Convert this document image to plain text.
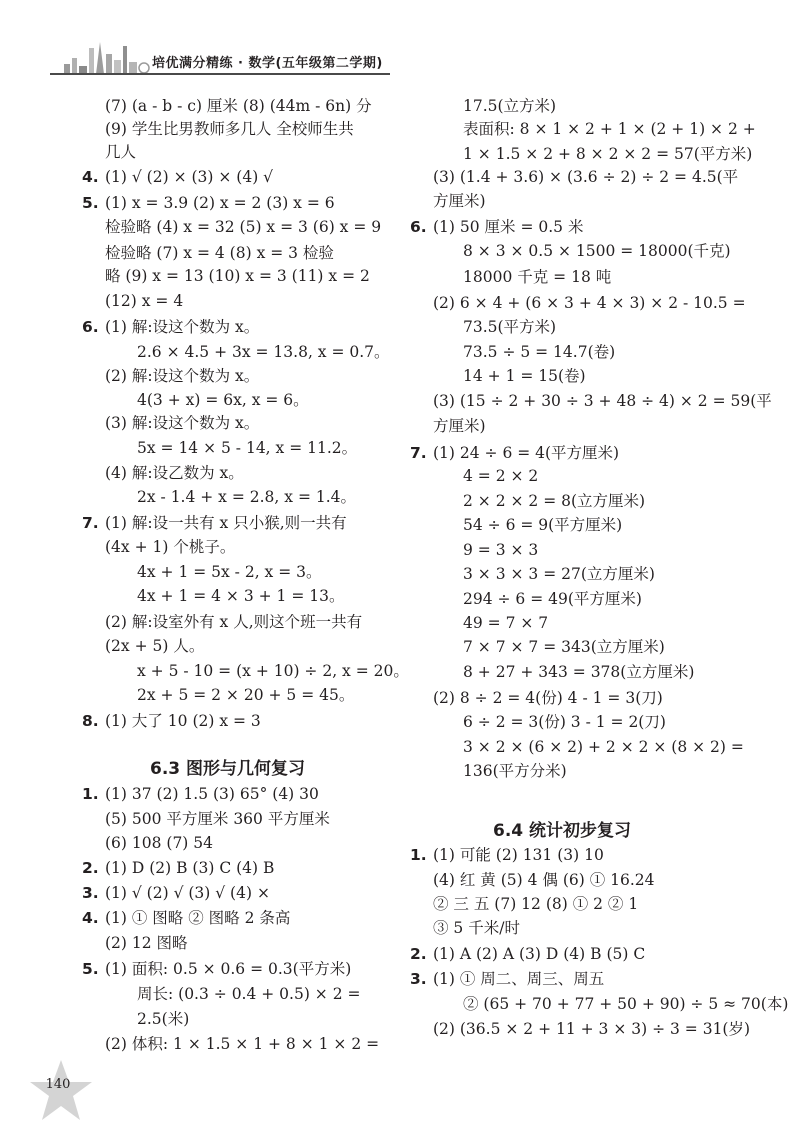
培优满分精练 · 数学(五年级第二学期)
(7) (a - b - c) 厘米 (8) (44m - 6n) 分
(9) 学生比男教师多几人 全校师生共
几人
4. (1) √ (2) × (3) × (4) √
5. (1) x = 3.9 (2) x = 2 (3) x = 6
检验略 (4) x = 32 (5) x = 3 (6) x = 9
检验略 (7) x = 4 (8) x = 3 检验
略 (9) x = 13 (10) x = 3 (11) x = 2
(12) x = 4
6. (1) 解:设这个数为 x。
2.6 × 4.5 + 3x = 13.8, x = 0.7。
(2) 解:设这个数为 x。
4(3 + x) = 6x, x = 6。
(3) 解:设这个数为 x。
5x = 14 × 5 - 14, x = 11.2。
(4) 解:设乙数为 x。
2x - 1.4 + x = 2.8, x = 1.4。
7. (1) 解:设一共有 x 只小猴,则一共有
(4x + 1) 个桃子。
4x + 1 = 5x - 2, x = 3。
4x + 1 = 4 × 3 + 1 = 13。
(2) 解:设室外有 x 人,则这个班一共有
(2x + 5) 人。
x + 5 - 10 = (x + 10) ÷ 2, x = 20。
2x + 5 = 2 × 20 + 5 = 45。
8. (1) 大了 10 (2) x = 3
6.3 图形与几何复习
1. (1) 37 (2) 1.5 (3) 65° (4) 30
(5) 500 平方厘米 360 平方厘米
(6) 108 (7) 54
2. (1) D (2) B (3) C (4) B
3. (1) √ (2) √ (3) √ (4) ×
4. (1) ① 图略 ② 图略 2 条高
(2) 12 图略
5. (1) 面积: 0.5 × 0.6 = 0.3(平方米)
周长: (0.3 ÷ 0.4 + 0.5) × 2 =
2.5(米)
(2) 体积: 1 × 1.5 × 1 + 8 × 1 × 2 =
17.5(立方米)
表面积: 8 × 1 × 2 + 1 × (2 + 1) × 2 +
1 × 1.5 × 2 + 8 × 2 × 2 = 57(平方米)
(3) (1.4 + 3.6) × (3.6 ÷ 2) ÷ 2 = 4.5(平
方厘米)
6. (1) 50 厘米 = 0.5 米
8 × 3 × 0.5 × 1500 = 18000(千克)
18000 千克 = 18 吨
(2) 6 × 4 + (6 × 3 + 4 × 3) × 2 - 10.5 =
73.5(平方米)
73.5 ÷ 5 = 14.7(卷)
14 + 1 = 15(卷)
(3) (15 ÷ 2 + 30 ÷ 3 + 48 ÷ 4) × 2 = 59(平
方厘米)
7. (1) 24 ÷ 6 = 4(平方厘米)
4 = 2 × 2
2 × 2 × 2 = 8(立方厘米)
54 ÷ 6 = 9(平方厘米)
9 = 3 × 3
3 × 3 × 3 = 27(立方厘米)
294 ÷ 6 = 49(平方厘米)
49 = 7 × 7
7 × 7 × 7 = 343(立方厘米)
8 + 27 + 343 = 378(立方厘米)
(2) 8 ÷ 2 = 4(份) 4 - 1 = 3(刀)
6 ÷ 2 = 3(份) 3 - 1 = 2(刀)
3 × 2 × (6 × 2) + 2 × 2 × (8 × 2) =
136(平方分米)
6.4 统计初步复习
1. (1) 可能 (2) 131 (3) 10
(4) 红 黄 (5) 4 偶 (6) ① 16.24
② 三 五 (7) 12 (8) ① 2 ② 1
③ 5 千米/时
2. (1) A (2) A (3) D (4) B (5) C
3. (1) ① 周二、周三、周五
② (65 + 70 + 77 + 50 + 90) ÷ 5 ≈ 70(本)
(2) (36.5 × 2 + 11 + 3 × 3) ÷ 3 = 31(岁)
140
